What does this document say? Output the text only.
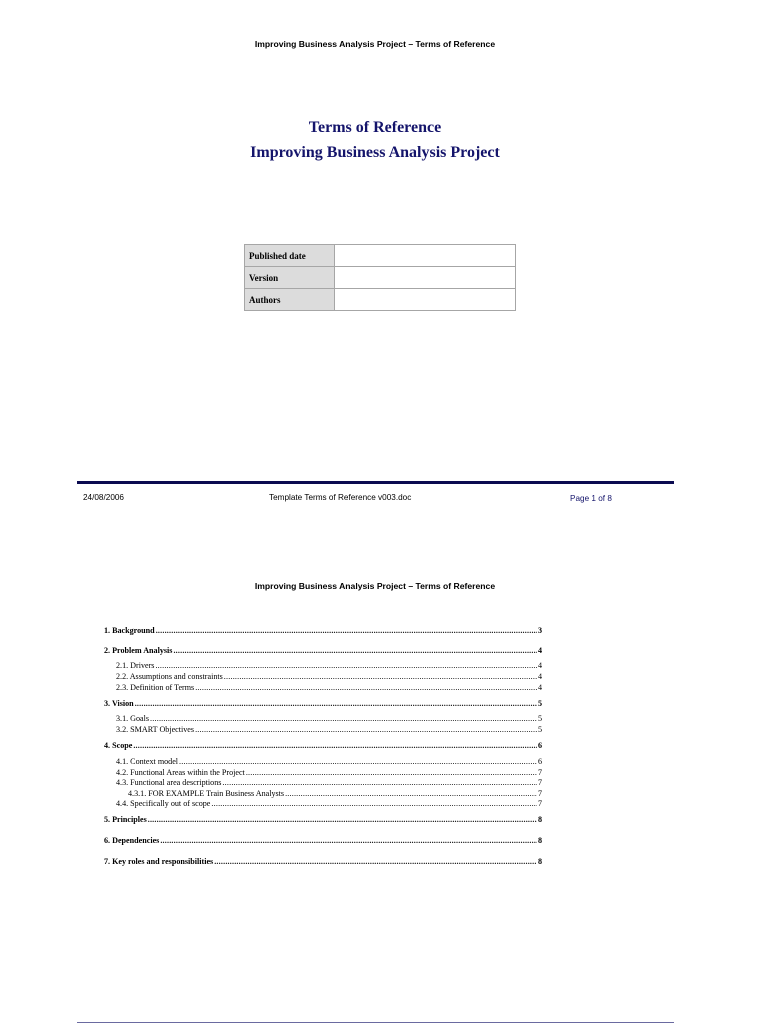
Improving Business Analysis Project – Terms of Reference
Terms of Reference
Improving Business Analysis Project
Published date	
Version	
Authors	
24/08/2006	Template Terms of Reference v003.doc	Page 1 of 8
Improving Business Analysis Project – Terms of Reference
1. Background .....	3
2. Problem Analysis .....	4
2.1. Drivers .....	4
2.2. Assumptions and constraints .....	4
2.3. Definition of Terms .....	4
3. Vision .....	5
3.1. Goals .....	5
3.2. SMART Objectives .....	5
4. Scope .....	6
4.1. Context model .....	6
4.2. Functional Areas within the Project .....	7
4.3. Functional area descriptions .....	7
4.3.1. FOR EXAMPLE Train Business Analysts .....	7
4.4. Specifically out of scope .....	7
5. Principles .....	8
6. Dependencies .....	8
7. Key roles and responsibilities .....	8
